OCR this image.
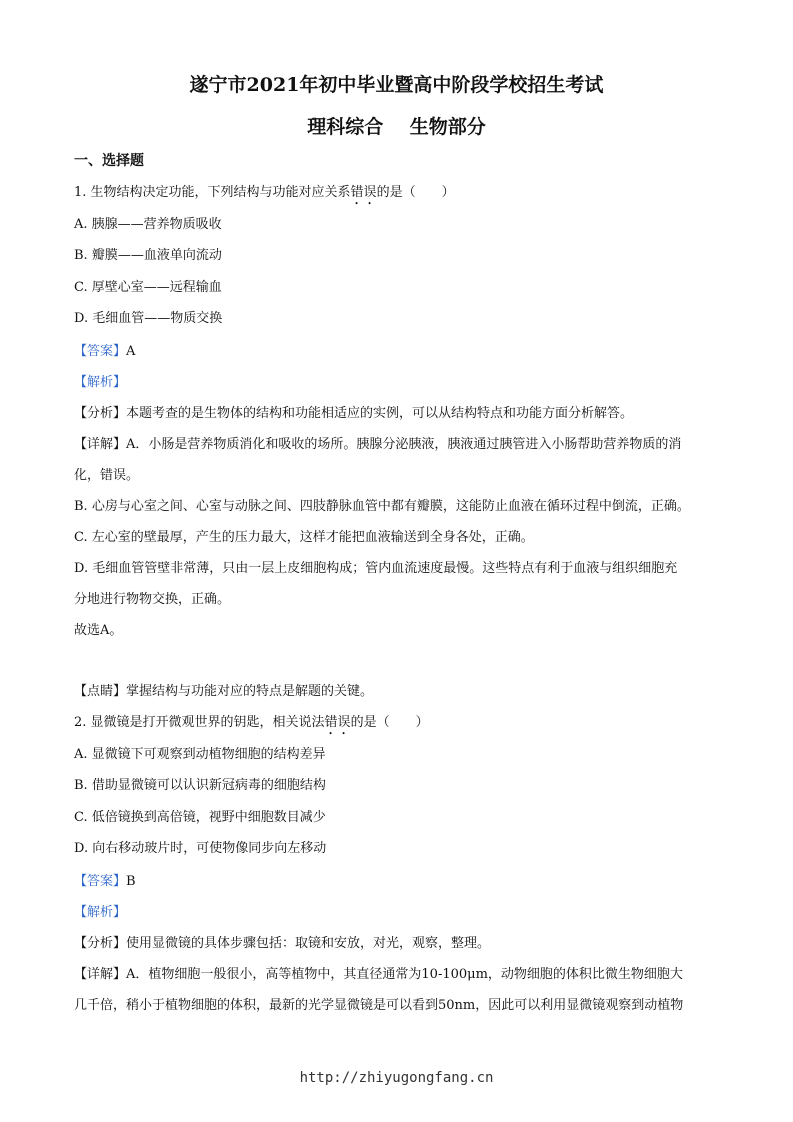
遂宁市2021年初中毕业暨高中阶段学校招生考试
理科综合 生物部分
一、选择题
1. 生物结构决定功能，下列结构与功能对应关系错误的是（　　）
A. 胰腺——营养物质吸收
B. 瓣膜——血液单向流动
C. 厚壁心室——远程输血
D. 毛细血管——物质交换
【答案】A
【解析】
【分析】本题考查的是生物体的结构和功能相适应的实例，可以从结构特点和功能方面分析解答。
【详解】A．小肠是营养物质消化和吸收的场所。胰腺分泌胰液，胰液通过胰管进入小肠帮助营养物质的消
化，错误。
B. 心房与心室之间、心室与动脉之间、四肢静脉血管中都有瓣膜，这能防止血液在循环过程中倒流，正确。
C. 左心室的壁最厚，产生的压力最大，这样才能把血液输送到全身各处，正确。
D. 毛细血管管壁非常薄，只由一层上皮细胞构成；管内血流速度最慢。这些特点有利于血液与组织细胞充
分地进行物物交换，正确。
故选A。
【点睛】掌握结构与功能对应的特点是解题的关键。
2. 显微镜是打开微观世界的钥匙，相关说法错误的是（　　）
A. 显微镜下可观察到动植物细胞的结构差异
B. 借助显微镜可以认识新冠病毒的细胞结构
C. 低倍镜换到高倍镜，视野中细胞数目减少
D. 向右移动玻片时，可使物像同步向左移动
【答案】B
【解析】
【分析】使用显微镜的具体步骤包括：取镜和安放，对光，观察，整理。
【详解】A．植物细胞一般很小，高等植物中，其直径通常为10-100μm，动物细胞的体积比微生物细胞大
几千倍，稍小于植物细胞的体积，最新的光学显微镜是可以看到50nm，因此可以利用显微镜观察到动植物
http://zhiyugongfang.cn
